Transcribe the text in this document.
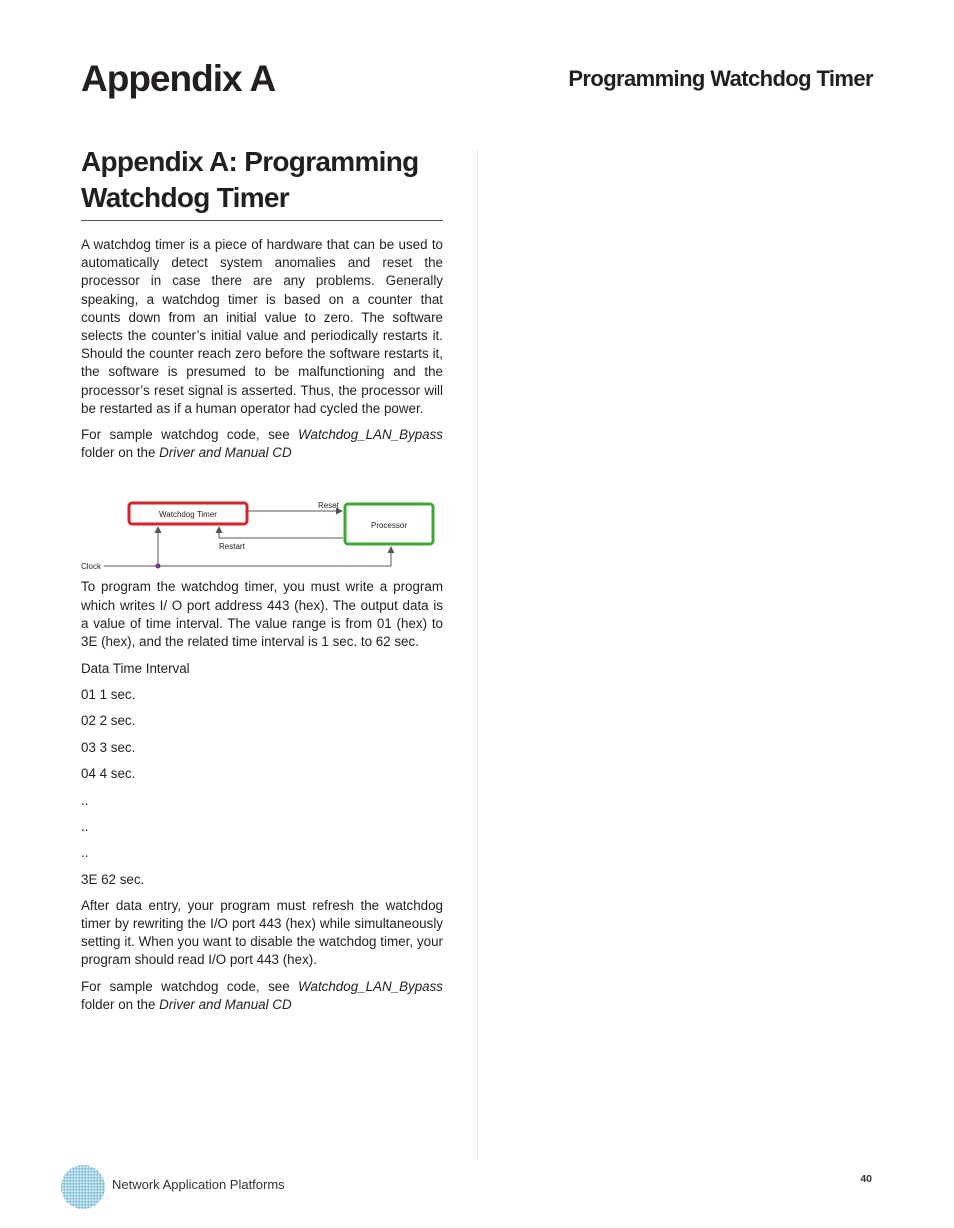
Appendix A	Programming Watchdog Timer
Appendix A: Programming Watchdog Timer

A watchdog timer is a piece of hardware that can be used to automatically detect system anomalies and reset the processor in case there are any problems. Generally speaking, a watchdog timer is based on a counter that counts down from an initial value to zero. The software selects the counter’s initial value and periodically restarts it. Should the counter reach zero before the software restarts it, the software is presumed to be malfunctioning and the processor’s reset signal is asserted. Thus, the processor will be restarted as if a human operator had cycled the power.

For sample watchdog code, see Watchdog_LAN_Bypass folder on the Driver and Manual CD

Watchdog Timer
Processor
Reset
Restart
Clock

To program the watchdog timer, you must write a program which writes I/ O port address 443 (hex). The output data is a value of time interval. The value range is from 01 (hex) to 3E (hex), and the related time interval is 1 sec. to 62 sec.

Data Time Interval
01 1 sec.
02 2 sec.
03 3 sec.
04 4 sec.
..
..
..
3E 62 sec.

After data entry, your program must refresh the watchdog timer by rewriting the I/O port 443 (hex) while simultaneously setting it. When you want to disable the watchdog timer, your program should read I/O port 443 (hex).

For sample watchdog code, see Watchdog_LAN_Bypass folder on the Driver and Manual CD

Network Application Platforms	40
